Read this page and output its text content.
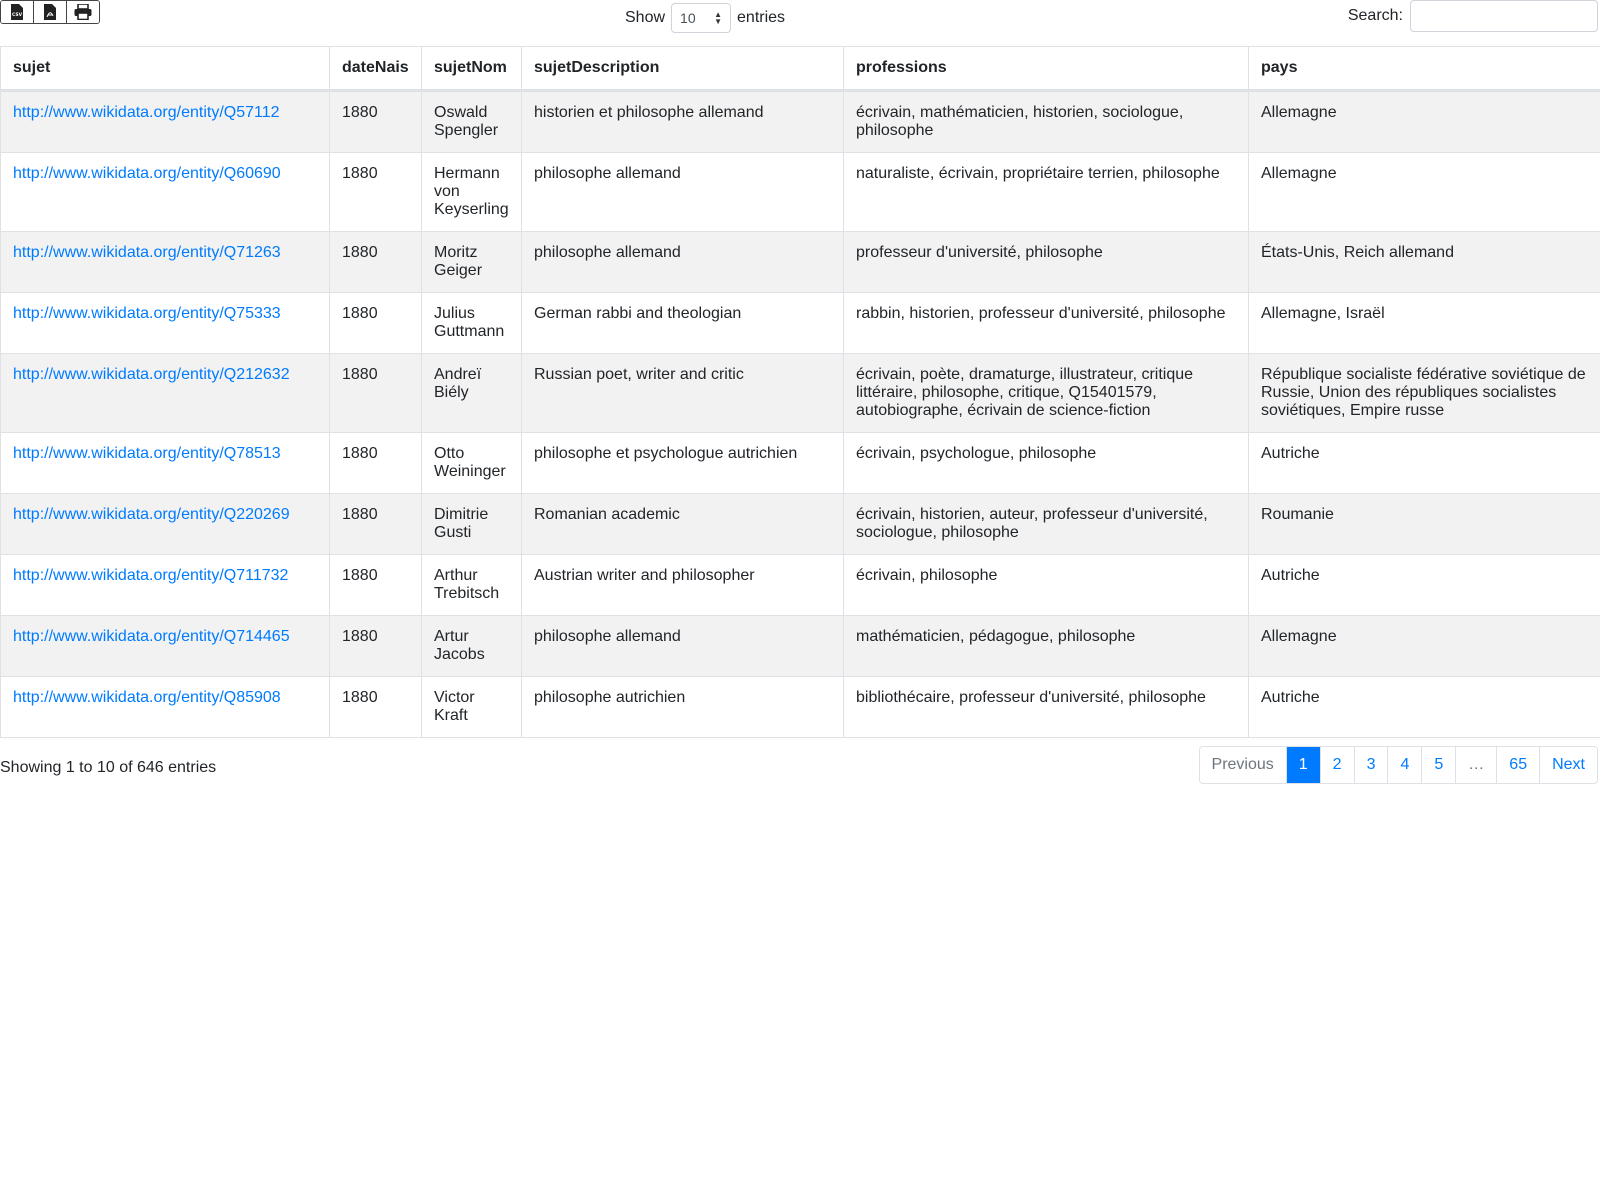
CSV	Show 10 ▲
▼ entries	Search:
sujet	dateNais	sujetNom	sujetDescription	professions	pays
http://www.wikidata.org/entity/Q57112	1880	Oswald Spengler	historien et philosophe allemand	écrivain, mathématicien, historien, sociologue, philosophe	Allemagne
http://www.wikidata.org/entity/Q60690	1880	Hermann von Keyserling	philosophe allemand	naturaliste, écrivain, propriétaire terrien, philosophe	Allemagne
http://www.wikidata.org/entity/Q71263	1880	Moritz Geiger	philosophe allemand	professeur d'université, philosophe	États-Unis, Reich allemand
http://www.wikidata.org/entity/Q75333	1880	Julius Guttmann	German rabbi and theologian	rabbin, historien, professeur d'université, philosophe	Allemagne, Israël
http://www.wikidata.org/entity/Q212632	1880	Andreï Biély	Russian poet, writer and critic	écrivain, poète, dramaturge, illustrateur, critique littéraire, philosophe, critique, Q15401579, autobiographe, écrivain de science-fiction	République socialiste fédérative soviétique de Russie, Union des républiques socialistes soviétiques, Empire russe
http://www.wikidata.org/entity/Q78513	1880	Otto Weininger	philosophe et psychologue autrichien	écrivain, psychologue, philosophe	Autriche
http://www.wikidata.org/entity/Q220269	1880	Dimitrie Gusti	Romanian academic	écrivain, historien, auteur, professeur d'université, sociologue, philosophe	Roumanie
http://www.wikidata.org/entity/Q711732	1880	Arthur Trebitsch	Austrian writer and philosopher	écrivain, philosophe	Autriche
http://www.wikidata.org/entity/Q714465	1880	Artur Jacobs	philosophe allemand	mathématicien, pédagogue, philosophe	Allemagne
http://www.wikidata.org/entity/Q85908	1880	Victor Kraft	philosophe autrichien	bibliothécaire, professeur d'université, philosophe	Autriche
Showing 1 to 10 of 646 entries	Previous	1	2	3	4	5	…	65	Next
